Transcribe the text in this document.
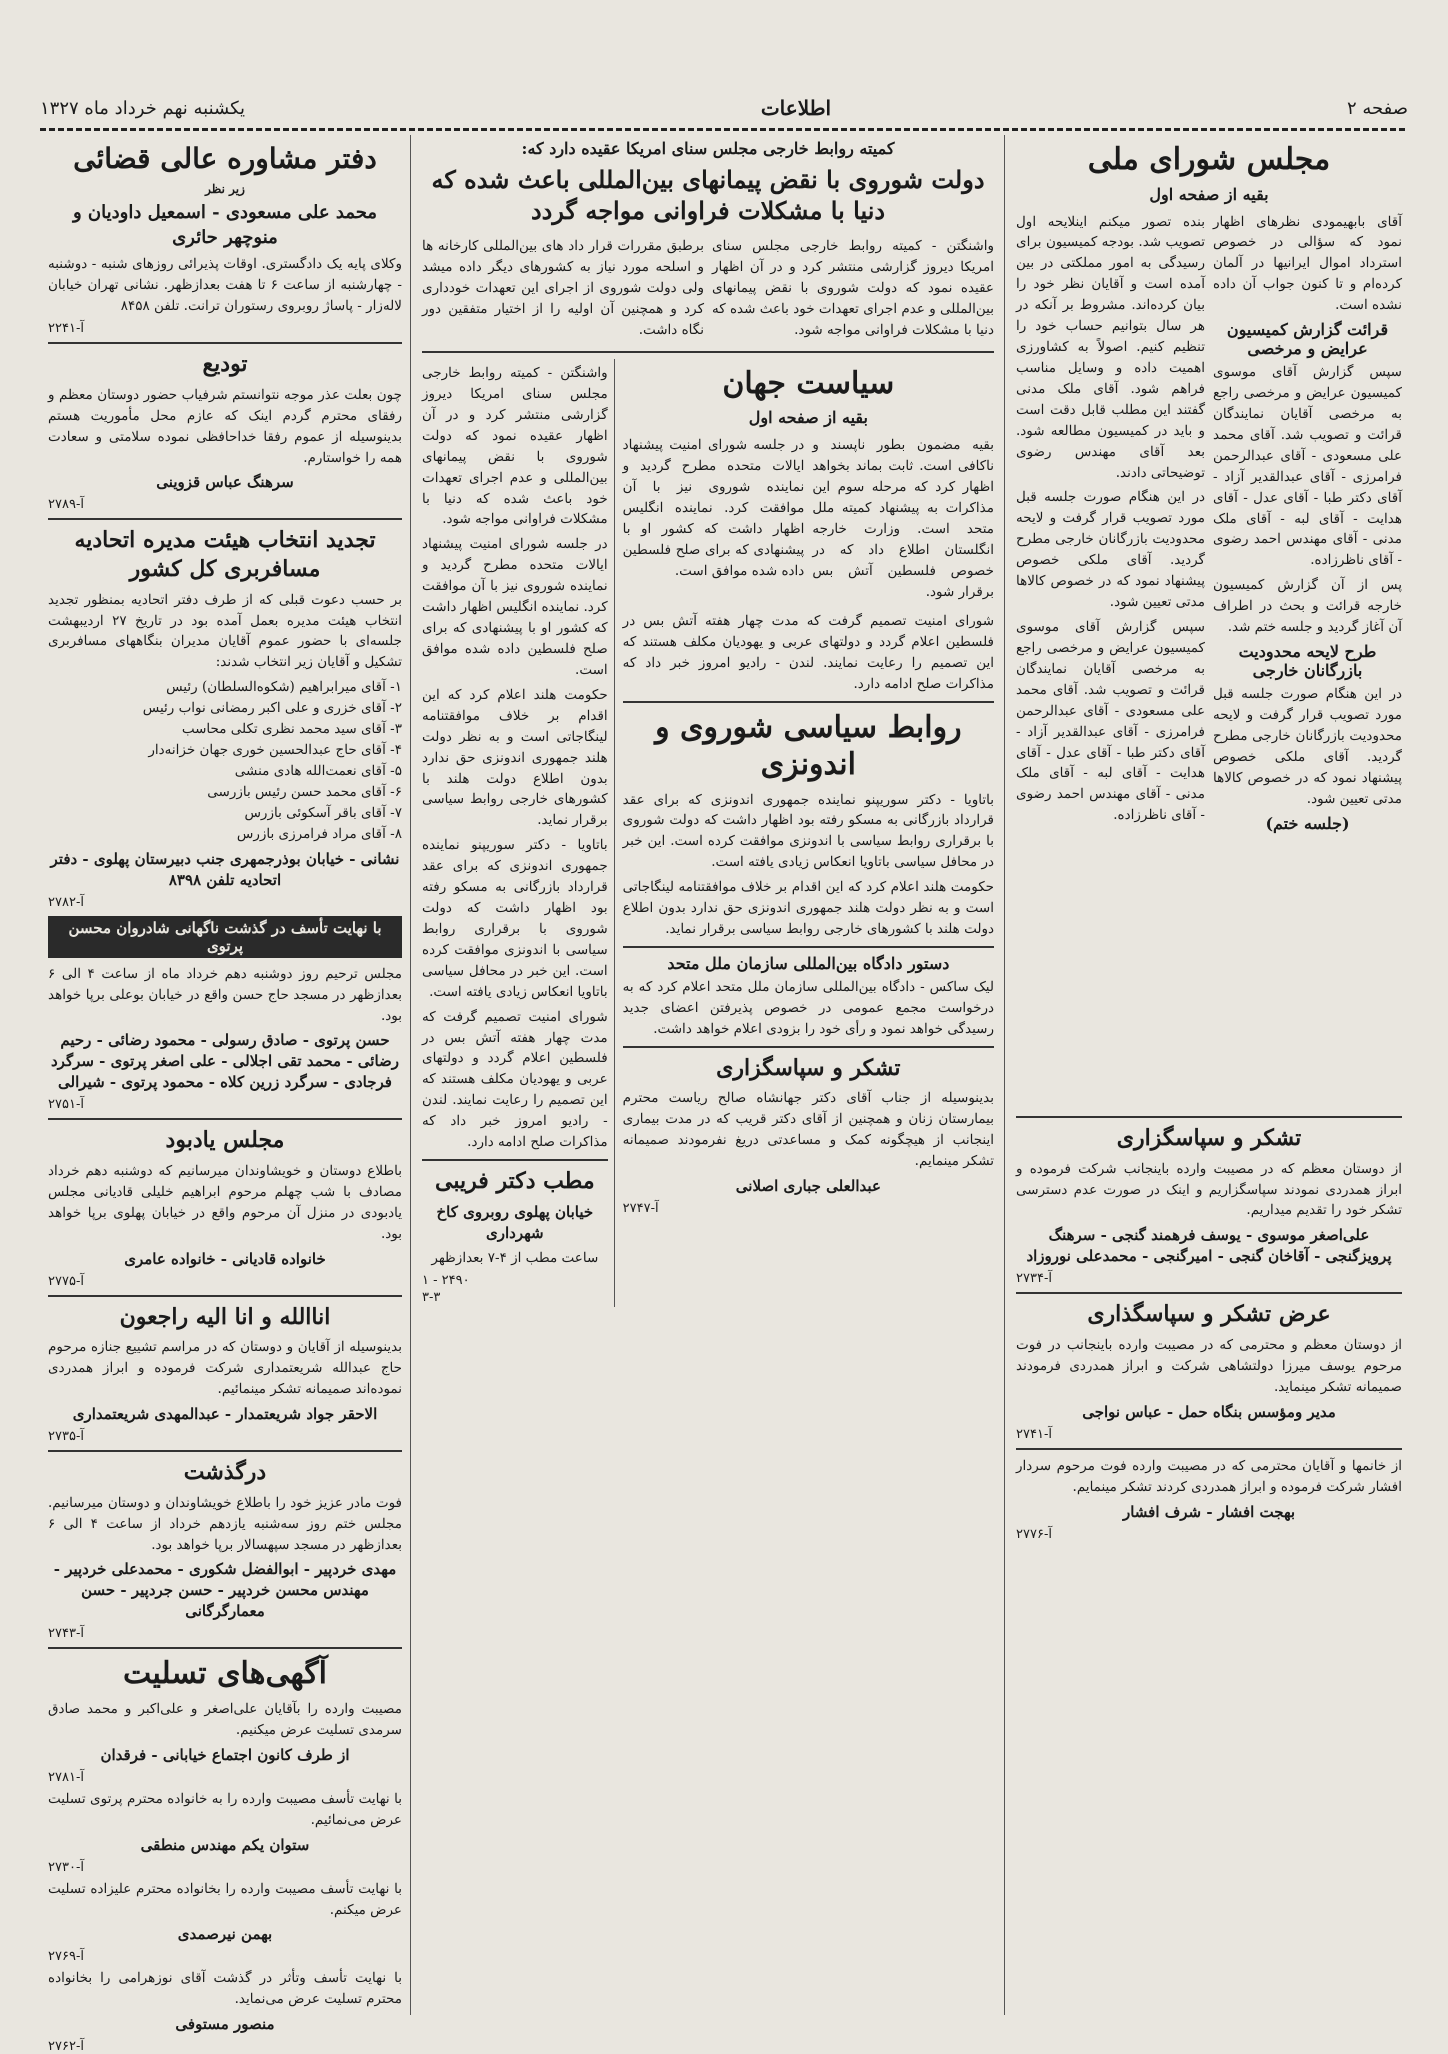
صفحه ۲
اطلاعات
یکشنبه نهم خرداد ماه ۱۳۲۷
مجلس شورای ملی
بقیه از صفحه اول

آقای بابهیمودی نظرهای اظهار نمود که سؤالی در خصوص استرداد اموال ایرانیها در آلمان کرده‌ام و تا کنون جواب آن داده نشده است.

قرائت گزارش کمیسیون عرایض و مرخصی

سپس گزارش آقای موسوی کمیسیون عرایض و مرخصی راجع به مرخصی آقایان نمایندگان قرائت و تصویب شد. آقای محمد علی مسعودی - آقای عبدالرحمن فرامرزی - آقای عبدالقدیر آزاد - آقای دکتر طبا - آقای عدل - آقای هدایت - آقای لبه - آقای ملک مدنی - آقای مهندس احمد رضوی - آقای ناظرزاده.

پس از آن گزارش کمیسیون خارجه قرائت و بحث در اطراف آن آغاز گردید و جلسه ختم شد.

طرح لایحه محدودیت بازرگانان خارجی

در این هنگام صورت جلسه قبل مورد تصویب قرار گرفت و لایحه محدودیت بازرگانان خارجی مطرح گردید. آقای ملکی خصوص پیشنهاد نمود که در خصوص کالاها مدتی تعیین شود.

(جلسه ختم)

بنده تصور میکنم اینلایحه اول تصویب شد. بودجه کمیسیون برای رسیدگی به امور مملکتی در بین آمده است و آقایان نظر خود را بیان کرده‌اند. مشروط بر آنکه در هر سال بتوانیم حساب خود را تنظیم کنیم. اصولاً به کشاورزی اهمیت داده و وسایل مناسب فراهم شود. آقای ملک مدنی گفتند این مطلب قابل دقت است و باید در کمیسیون مطالعه شود. بعد آقای مهندس رضوی توضیحاتی دادند.

در این هنگام صورت جلسه قبل مورد تصویب قرار گرفت و لایحه محدودیت بازرگانان خارجی مطرح گردید. آقای ملکی خصوص پیشنهاد نمود که در خصوص کالاها مدتی تعیین شود.

سپس گزارش آقای موسوی کمیسیون عرایض و مرخصی راجع به مرخصی آقایان نمایندگان قرائت و تصویب شد. آقای محمد علی مسعودی - آقای عبدالرحمن فرامرزی - آقای عبدالقدیر آزاد - آقای دکتر طبا - آقای عدل - آقای هدایت - آقای لبه - آقای ملک مدنی - آقای مهندس احمد رضوی - آقای ناظرزاده.

تشکر و سپاسگزاری

از دوستان معظم که در مصیبت وارده باینجانب شرکت فرموده و ابراز همدردی نمودند سپاسگزاریم و اینک در صورت عدم دسترسی تشکر خود را تقدیم میداریم.

علی‌اصغر موسوی - یوسف فرهمند گنجی - سرهنگ پرویزگنجی - آقاخان گنجی - امیرگنجی - محمدعلی نوروزاد
آ-۲۷۳۴
عرض تشکر و سپاسگذاری

از دوستان معظم و محترمی که در مصیبت وارده باینجانب در فوت مرحوم یوسف میرزا دولتشاهی شرکت و ابراز همدردی فرمودند صمیمانه تشکر مینماید.

مدیر ومؤسس بنگاه حمل - عباس نواجی
آ-۲۷۴۱

از خانمها و آقایان محترمی که در مصیبت وارده فوت مرحوم سردار افشار شرکت فرموده و ابراز همدردی کردند تشکر مینمایم.

بهجت افشار - شرف افشار
آ-۲۷۷۶
کمیته روابط خارجی مجلس سنای امریکا عقیده دارد که:
دولت شوروی با نقض پیمانهای بین‌المللی باعث شده که دنیا با مشکلات فراوانی مواجه گردد

واشنگتن - کمیته روابط خارجی مجلس سنای امریکا دیروز گزارشی منتشر کرد و در آن اظهار عقیده نمود که دولت شوروی با نقض پیمانهای بین‌المللی و عدم اجرای تعهدات خود باعث شده که دنیا با مشکلات فراوانی مواجه شود.

برطبق مقررات قرار داد های بین‌المللی کارخانه ها و اسلحه مورد نیاز به کشورهای دیگر داده میشد ولی دولت شوروی از اجرای این تعهدات خودداری کرد و همچنین آن اولیه را از اختیار متفقین دور نگاه داشت.

سیاست جهان
بقیه از صفحه اول

بقیه مضمون بطور ناپسند و ناکافی است. ثابت بماند بخواهد اظهار کرد که مرحله سوم این مذاکرات به پیشنهاد کمیته ملل متحد است. وزارت خارجه انگلستان اطلاع داد که در خصوص فلسطین آتش بس برقرار شود.

در جلسه شورای امنیت پیشنهاد ایالات متحده مطرح گردید و نماینده شوروی نیز با آن موافقت کرد. نماینده انگلیس اظهار داشت که کشور او با پیشنهادی که برای صلح فلسطین داده شده موافق است.

شورای امنیت تصمیم گرفت که مدت چهار هفته آتش بس در فلسطین اعلام گردد و دولتهای عربی و یهودیان مکلف هستند که این تصمیم را رعایت نمایند. لندن - رادیو امروز خبر داد که مذاکرات صلح ادامه دارد.

روابط سیاسی شوروی و اندونزی

باتاویا - دکتر سوریپنو نماینده جمهوری اندونزی که برای عقد قرارداد بازرگانی به مسکو رفته بود اظهار داشت که دولت شوروی با برقراری روابط سیاسی با اندونزی موافقت کرده است. این خبر در محافل سیاسی باتاویا انعکاس زیادی یافته است.

حکومت هلند اعلام کرد که این اقدام بر خلاف موافقتنامه لینگاجاتی است و به نظر دولت هلند جمهوری اندونزی حق ندارد بدون اطلاع دولت هلند با کشورهای خارجی روابط سیاسی برقرار نماید.

دستور دادگاه بین‌المللی سازمان ملل متحد

لیک ساکس - دادگاه بین‌المللی سازمان ملل متحد اعلام کرد که به درخواست مجمع عمومی در خصوص پذیرفتن اعضای جدید رسیدگی خواهد نمود و رأی خود را بزودی اعلام خواهد داشت.

تشکر و سپاسگزاری

بدینوسیله از جناب آقای دکتر جهانشاه صالح ریاست محترم بیمارستان زنان و همچنین از آقای دکتر قریب که در مدت بیماری اینجانب از هیچگونه کمک و مساعدتی دریغ نفرمودند صمیمانه تشکر مینمایم.

عبدالعلی جباری اصلانی
آ-۲۷۴۷

واشنگتن - کمیته روابط خارجی مجلس سنای امریکا دیروز گزارشی منتشر کرد و در آن اظهار عقیده نمود که دولت شوروی با نقض پیمانهای بین‌المللی و عدم اجرای تعهدات خود باعث شده که دنیا با مشکلات فراوانی مواجه شود.

در جلسه شورای امنیت پیشنهاد ایالات متحده مطرح گردید و نماینده شوروی نیز با آن موافقت کرد. نماینده انگلیس اظهار داشت که کشور او با پیشنهادی که برای صلح فلسطین داده شده موافق است.

حکومت هلند اعلام کرد که این اقدام بر خلاف موافقتنامه لینگاجاتی است و به نظر دولت هلند جمهوری اندونزی حق ندارد بدون اطلاع دولت هلند با کشورهای خارجی روابط سیاسی برقرار نماید.

باتاویا - دکتر سوریپنو نماینده جمهوری اندونزی که برای عقد قرارداد بازرگانی به مسکو رفته بود اظهار داشت که دولت شوروی با برقراری روابط سیاسی با اندونزی موافقت کرده است. این خبر در محافل سیاسی باتاویا انعکاس زیادی یافته است.

شورای امنیت تصمیم گرفت که مدت چهار هفته آتش بس در فلسطین اعلام گردد و دولتهای عربی و یهودیان مکلف هستند که این تصمیم را رعایت نمایند. لندن - رادیو امروز خبر داد که مذاکرات صلح ادامه دارد.

مطب دکتر فریبی
خیابان پهلوی روبروی کاخ شهرداری
ساعت مطب از ۴-۷ بعدازظهر
۱ - ۲۴۹۰
۳-۳
دفتر مشاوره عالی قضائی
زیر نظر
محمد علی مسعودی - اسمعیل داودیان و منوچهر حائری

وکلای پایه یک دادگستری. اوقات پذیرائی روزهای شنبه - دوشنبه - چهارشنبه از ساعت ۶ تا هفت بعدازظهر. نشانی تهران خیابان لاله‌زار - پاساژ روبروی رستوران ترانت. تلفن ۸۴۵۸

آ-۲۲۴۱
تودیع

چون بعلت عذر موجه نتوانستم شرفیاب حضور دوستان معظم و رفقای محترم گردم اینک که عازم محل مأموریت هستم بدینوسیله از عموم رفقا خداحافظی نموده سلامتی و سعادت همه را خواستارم.

سرهنگ عباس قزوینی
آ-۲۷۸۹
تجدید انتخاب هیئت مدیره اتحادیه مسافربری کل کشور

بر حسب دعوت قبلی که از طرف دفتر اتحادیه بمنظور تجدید انتخاب هیئت مدیره بعمل آمده بود در تاریخ ۲۷ اردیبهشت جلسه‌ای با حضور عموم آقایان مدیران بنگاههای مسافربری تشکیل و آقایان زیر انتخاب شدند:

۱- آقای میرابراهیم (شکوه‌السلطان) رئیس
۲- آقای خزری و علی اکبر رمضانی نواب رئیس
۳- آقای سید محمد نظری تکلی محاسب
۴- آقای حاج عبدالحسین خوری جهان خزانه‌دار
۵- آقای نعمت‌الله هادی منشی
۶- آقای محمد حسن رئیس بازرسی
۷- آقای باقر آسکوئی بازرس
۸- آقای مراد فرامرزی بازرس
نشانی - خیابان بوذرجمهری جنب دبیرستان پهلوی - دفتر اتحادیه تلفن ۸۳۹۸
آ-۲۷۸۲
با نهایت تأسف در گذشت ناگهانی شادروان محسن پرتوی

مجلس ترحیم روز دوشنبه دهم خرداد ماه از ساعت ۴ الی ۶ بعدازظهر در مسجد حاج حسن واقع در خیابان بوعلی برپا خواهد بود.

حسن پرتوی - صادق رسولی - محمود رضائی - رحیم رضائی - محمد تقی اجلالی - علی اصغر پرتوی - سرگرد فرجادی - سرگرد زرین کلاه - محمود پرتوی - شیرالی
آ-۲۷۵۱
مجلس یادبود

باطلاع دوستان و خویشاوندان میرسانیم که دوشنبه دهم خرداد مصادف با شب چهلم مرحوم ابراهیم خلیلی قادیانی مجلس یادبودی در منزل آن مرحوم واقع در خیابان پهلوی برپا خواهد بود.

خانواده قادیانی - خانواده عامری
آ-۲۷۷۵
اناالله و انا الیه راجعون

بدینوسیله از آقایان و دوستان که در مراسم تشییع جنازه مرحوم حاج عبدالله شریعتمداری شرکت فرموده و ابراز همدردی نموده‌اند صمیمانه تشکر مینمائیم.

الاحقر جواد شریعتمدار - عبدالمهدی شریعتمداری
آ-۲۷۳۵
درگذشت

فوت مادر عزیز خود را باطلاع خویشاوندان و دوستان میرسانیم. مجلس ختم روز سه‌شنبه یازدهم خرداد از ساعت ۴ الی ۶ بعدازظهر در مسجد سپهسالار برپا خواهد بود.

مهدی خردپیر - ابوالفضل شکوری - محمدعلی خردپیر - مهندس محسن خردپیر - حسن جردپیر - حسن معمارگرگانی
آ-۲۷۴۳
آگهی‌های تسلیت

مصیبت وارده را بآقایان علی‌اصغر و علی‌اکبر و محمد صادق سرمدی تسلیت عرض میکنیم.

از طرف کانون اجتماع خیابانی - فرقدان
آ-۲۷۸۱

با نهایت تأسف مصیبت وارده را به خانواده محترم پرتوی تسلیت عرض می‌نمائیم.

ستوان یکم مهندس منطقی
آ-۲۷۳۰

با نهایت تأسف مصیبت وارده را بخانواده محترم علیزاده تسلیت عرض میکنم.

بهمن نیرصمدی
آ-۲۷۶۹

با نهایت تأسف وتأثر در گذشت آقای نوزهرامی را بخانواده محترم تسلیت عرض می‌نماید.

منصور مستوفی
آ-۲۷۶۲
